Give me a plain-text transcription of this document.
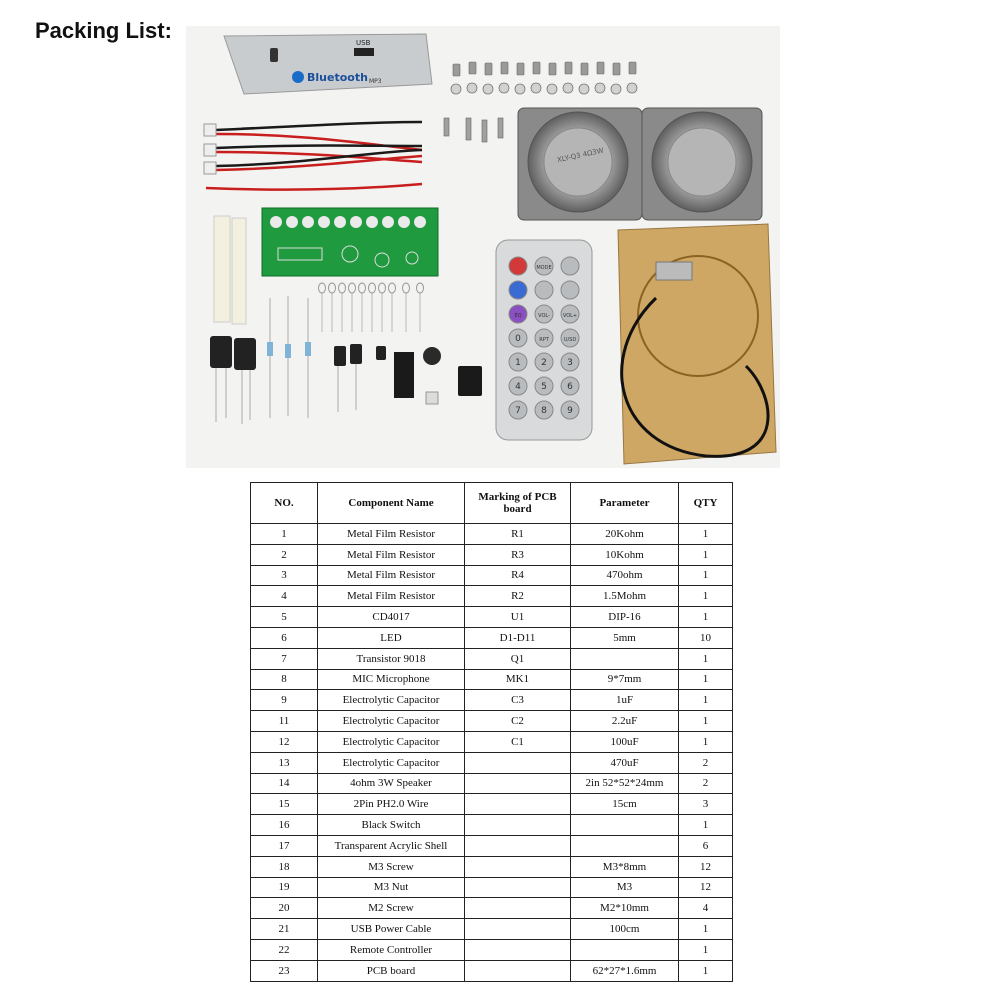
Packing List:	USB
Bluetooth MP3
XLY-Q3 4Ω3W
MODE
EQ	VOL-	VOL+
0	RPT	U/SD
1 2 3
4 5 6
7 8 9
NO.	Component Name	Marking of PCB board	Parameter	QTY
1	Metal Film Resistor	R1	20Kohm	1
2	Metal Film Resistor	R3	10Kohm	1
3	Metal Film Resistor	R4	470ohm	1
4	Metal Film Resistor	R2	1.5Mohm	1
5	CD4017	U1	DIP-16	1
6	LED	D1-D11	5mm	10
7	Transistor 9018	Q1		1
8	MIC Microphone	MK1	9*7mm	1
9	Electrolytic Capacitor	C3	1uF	1
11	Electrolytic Capacitor	C2	2.2uF	1
12	Electrolytic Capacitor	C1	100uF	1
13	Electrolytic Capacitor		470uF	2
14	4ohm 3W Speaker		2in 52*52*24mm	2
15	2Pin PH2.0 Wire		15cm	3
16	Black Switch			1
17	Transparent Acrylic Shell			6
18	M3 Screw		M3*8mm	12
19	M3 Nut		M3	12
20	M2 Screw		M2*10mm	4
21	USB Power Cable		100cm	1
22	Remote Controller			1
23	PCB board		62*27*1.6mm	1
